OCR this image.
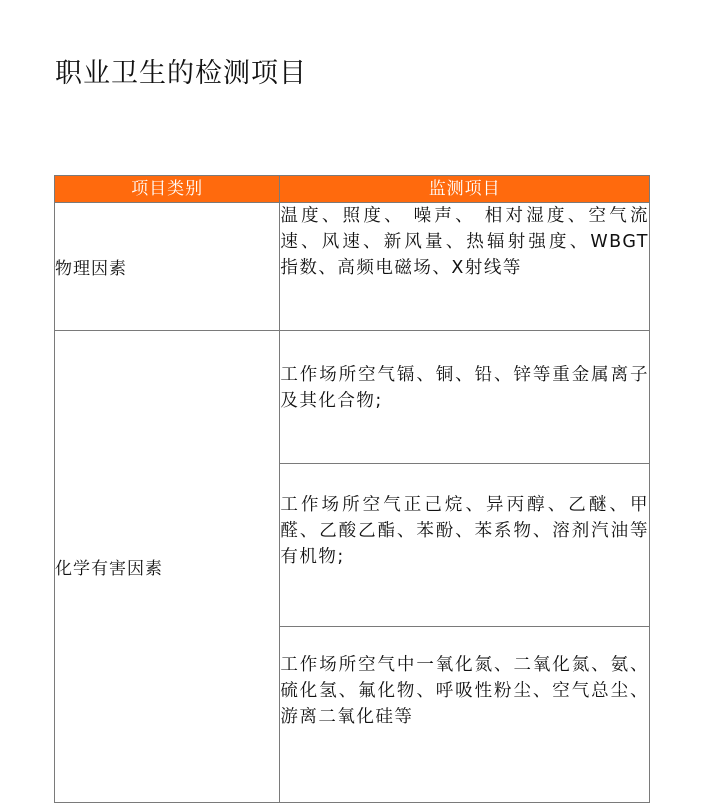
职业卫生的检测项目
项目类别	监测项目
物理因素	温度、照度、 噪声、 相对湿度、空气流速、风速、新风量、热辐射强度、WBGT 指数、高频电磁场、X射线等
化学有害因素	工作场所空气镉、铜、铅、锌等重金属离子及其化合物;
	工作场所空气正己烷、异丙醇、乙醚、甲醛、乙酸乙酯、苯酚、苯系物、溶剂汽油等有机物;
	工作场所空气中一氧化氮、二氧化氮、氨、硫化氢、氟化物、呼吸性粉尘、空气总尘、游离二氧化硅等
